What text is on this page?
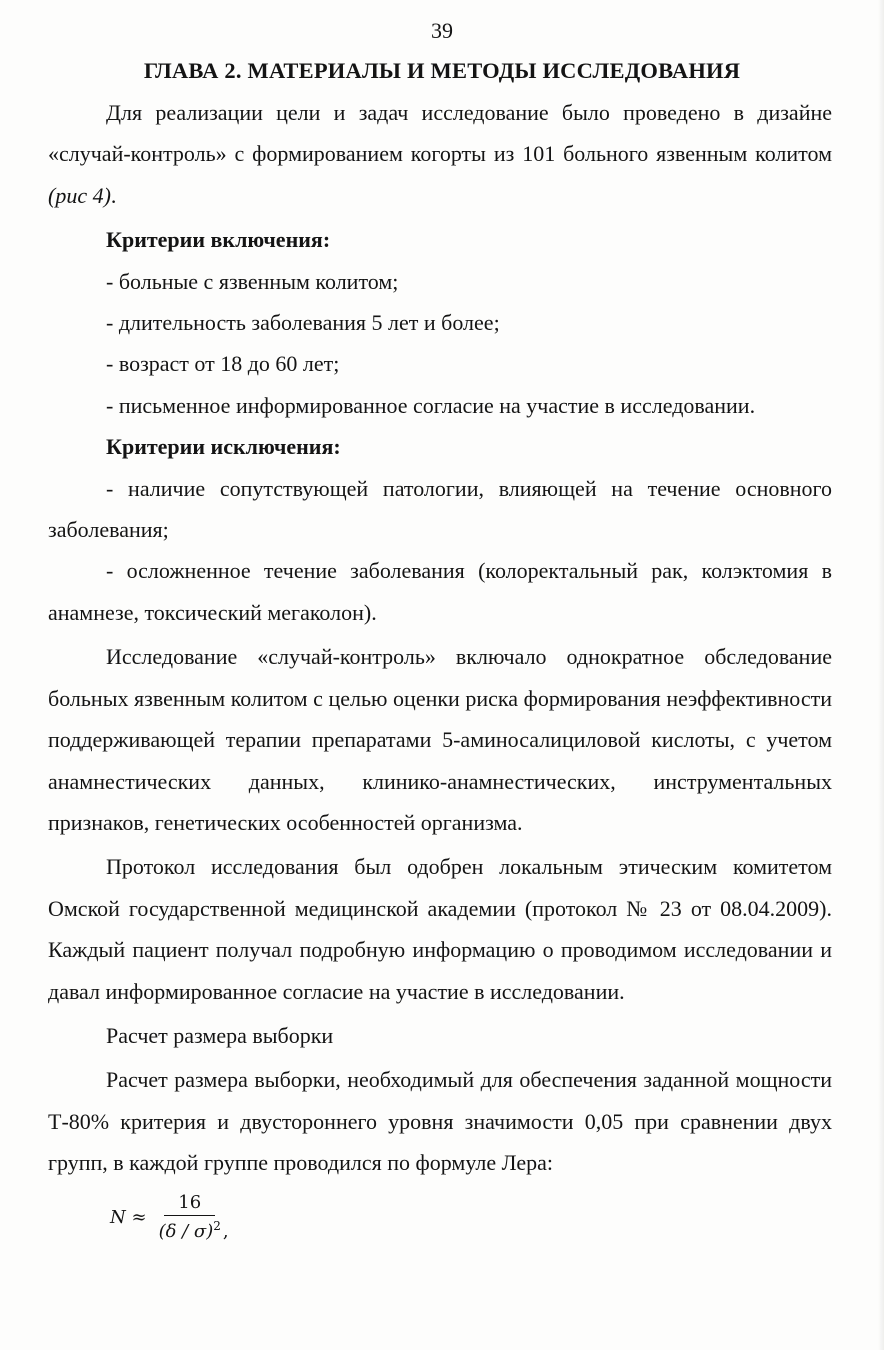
39
ГЛАВА 2. МАТЕРИАЛЫ И МЕТОДЫ ИССЛЕДОВАНИЯ

Для реализации цели и задач исследование было проведено в дизайне «случай-контроль» с формированием когорты из 101 больного язвенным колитом (рис 4).

Критерии включения:

- больные с язвенным колитом;

- длительность заболевания 5 лет и более;

- возраст от 18 до 60 лет;

- письменное информированное согласие на участие в исследовании.

Критерии исключения:

- наличие сопутствующей патологии, влияющей на течение основного заболевания;

- осложненное течение заболевания (колоректальный рак, колэктомия в анамнезе, токсический мегаколон).

Исследование «случай-контроль» включало однократное обследование больных язвенным колитом с целью оценки риска формирования неэффективности поддерживающей терапии препаратами 5-аминосалициловой кислоты, с учетом анамнестических данных, клинико-анамнестических, инструментальных признаков, генетических особенностей организма.

Протокол исследования был одобрен локальным этическим комитетом Омской государственной медицинской академии (протокол № 23 от 08.04.2009). Каждый пациент получал подробную информацию о проводимом исследовании и давал информированное согласие на участие в исследовании.

Расчет размера выборки

Расчет размера выборки, необходимый для обеспечения заданной мощности Т-80% критерия и двустороннего уровня значимости 0,05 при сравнении двух групп, в каждой группе проводился по формуле Лера:

$N \approx \frac{16}{(\delta / \sigma)^2}$ ,
